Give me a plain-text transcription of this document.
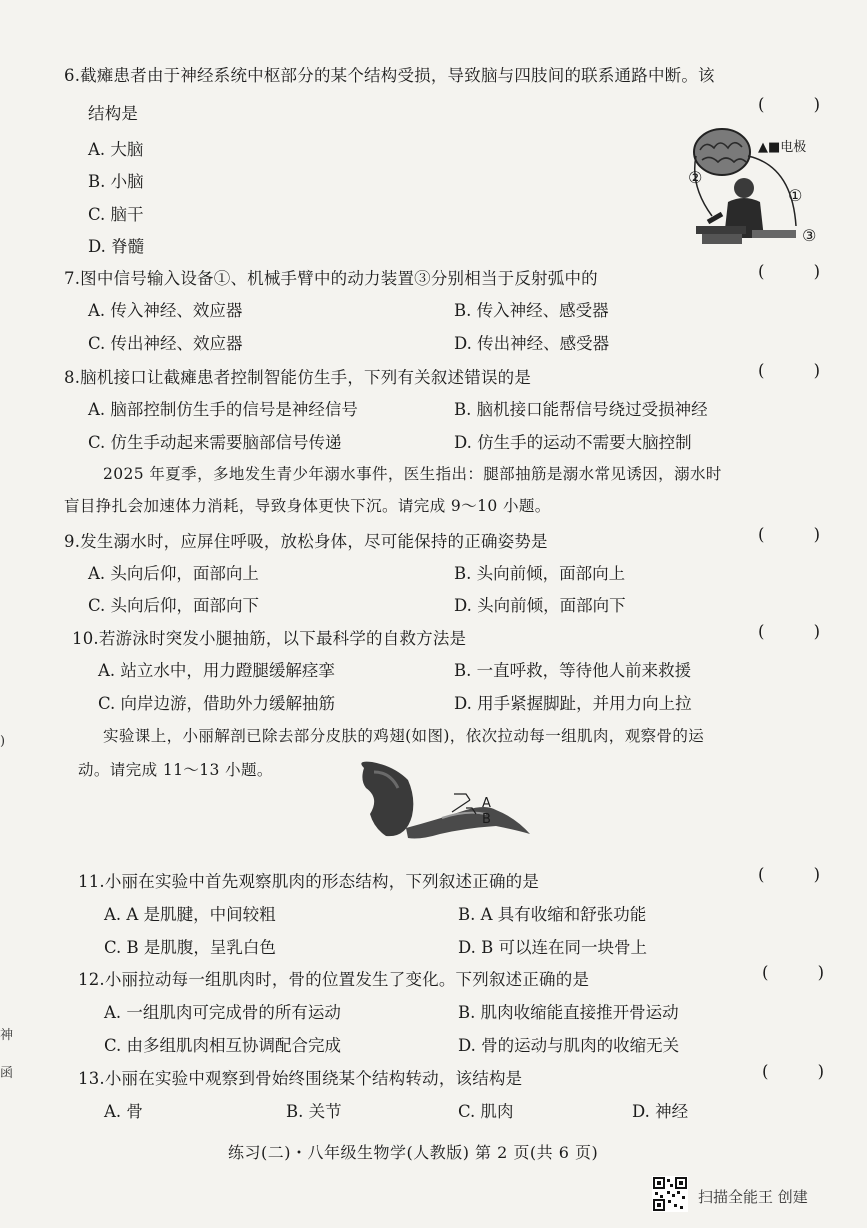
6.截瘫患者由于神经系统中枢部分的某个结构受损，导致脑与四肢间的联系通路中断。该
结构是	( )
A. 大脑
B. 小脑
C. 脑干
D. 脊髓
▲■电极
②
①
③
7.图中信号输入设备①、机械手臂中的动力装置③分别相当于反射弧中的	( )
A. 传入神经、效应器	B. 传入神经、感受器
C. 传出神经、效应器	D. 传出神经、感受器
8.脑机接口让截瘫患者控制智能仿生手，下列有关叙述错误的是	( )
A. 脑部控制仿生手的信号是神经信号	B. 脑机接口能帮信号绕过受损神经
C. 仿生手动起来需要脑部信号传递	D. 仿生手的运动不需要大脑控制
2025 年夏季，多地发生青少年溺水事件，医生指出：腿部抽筋是溺水常见诱因，溺水时
盲目挣扎会加速体力消耗，导致身体更快下沉。请完成 9～10 小题。
9.发生溺水时，应屏住呼吸，放松身体，尽可能保持的正确姿势是	( )
A. 头向后仰，面部向上	B. 头向前倾，面部向上
C. 头向后仰，面部向下	D. 头向前倾，面部向下
10.若游泳时突发小腿抽筋，以下最科学的自救方法是	( )
A. 站立水中，用力蹬腿缓解痉挛	B. 一直呼救，等待他人前来救援
C. 向岸边游，借助外力缓解抽筋	D. 用手紧握脚趾，并用力向上拉
实验课上，小丽解剖已除去部分皮肤的鸡翅(如图)，依次拉动每一组肌肉，观察骨的运
动。请完成 11～13 小题。
A
B
11.小丽在实验中首先观察肌肉的形态结构，下列叙述正确的是	( )
A. A 是肌腱，中间较粗	B. A 具有收缩和舒张功能
C. B 是肌腹，呈乳白色	D. B 可以连在同一块骨上
12.小丽拉动每一组肌肉时，骨的位置发生了变化。下列叙述正确的是	( )
A. 一组肌肉可完成骨的所有运动	B. 肌肉收缩能直接推开骨运动
C. 由多组肌肉相互协调配合完成	D. 骨的运动与肌肉的收缩无关
13.小丽在实验中观察到骨始终围绕某个结构转动，该结构是	( )
A. 骨	B. 关节	C. 肌肉	D. 神经
练习(二)・八年级生物学(人教版) 第 2 页(共 6 页)
)
神
函
扫描全能王 创建
